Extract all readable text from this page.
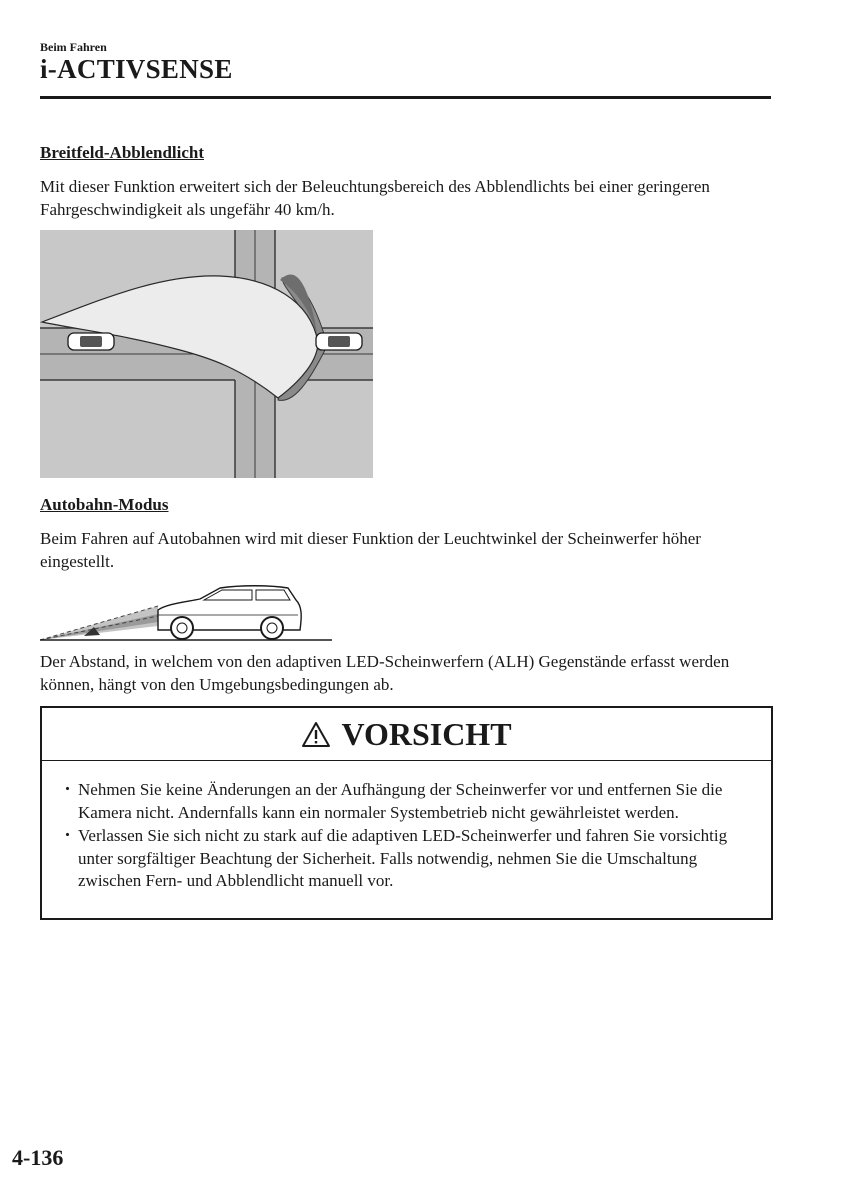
Beim Fahren
i-ACTIVSENSE
Breitfeld-Abblendlicht

Mit dieser Funktion erweitert sich der Beleuchtungsbereich des Abblendlichts bei einer geringeren Fahrgeschwindigkeit als ungefähr 40 km/h.

Autobahn-Modus

Beim Fahren auf Autobahnen wird mit dieser Funktion der Leuchtwinkel der Scheinwerfer höher eingestellt.

Der Abstand, in welchem von den adaptiven LED-Scheinwerfern (ALH) Gegenstände erfasst werden können, hängt von den Umgebungsbedingungen ab.

VORSICHT
・ Nehmen Sie keine Änderungen an der Aufhängung der Scheinwerfer vor und entfernen Sie die Kamera nicht. Andernfalls kann ein normaler Systembetrieb nicht gewährleistet werden.
・ Verlassen Sie sich nicht zu stark auf die adaptiven LED-Scheinwerfer und fahren Sie vorsichtig unter sorgfältiger Beachtung der Sicherheit. Falls notwendig, nehmen Sie die Umschaltung zwischen Fern- und Abblendlicht manuell vor.
4-136
